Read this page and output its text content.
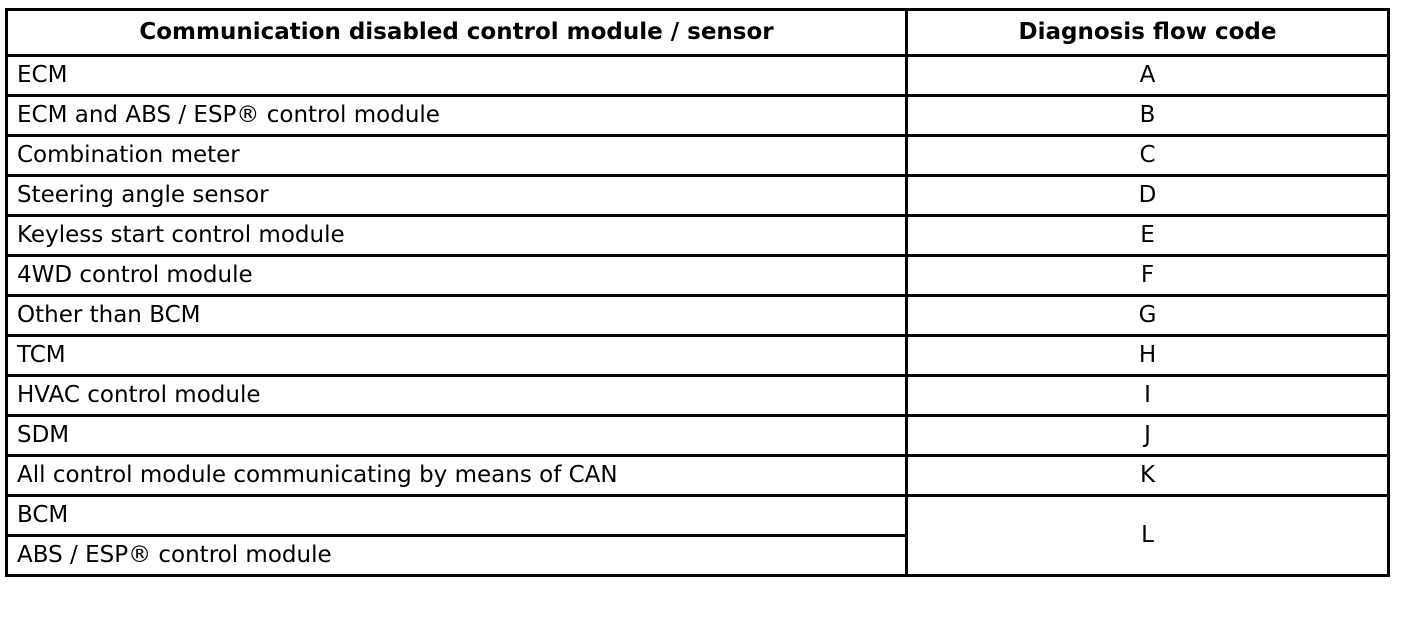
Communication disabled control module / sensor	Diagnosis flow code
ECM	A
ECM and ABS / ESP® control module	B
Combination meter	C
Steering angle sensor	D
Keyless start control module	E
4WD control module	F
Other than BCM	G
TCM	H
HVAC control module	I
SDM	J
All control module communicating by means of CAN	K
BCM	L
ABS / ESP® control module	
